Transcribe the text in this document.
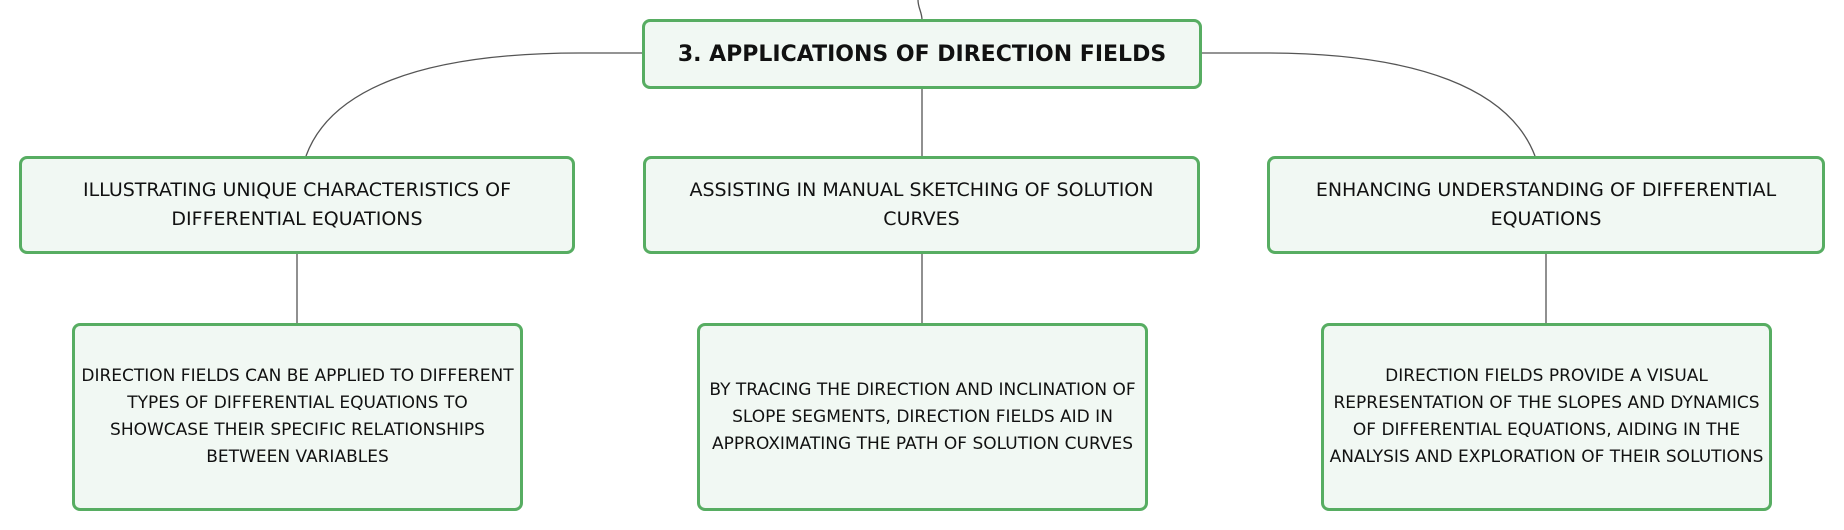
3. APPLICATIONS OF DIRECTION FIELDS
ILLUSTRATING UNIQUE CHARACTERISTICS OF DIFFERENTIAL EQUATIONS
ASSISTING IN MANUAL SKETCHING OF SOLUTION CURVES
ENHANCING UNDERSTANDING OF DIFFERENTIAL EQUATIONS
DIRECTION FIELDS CAN BE APPLIED TO DIFFERENT TYPES OF DIFFERENTIAL EQUATIONS TO SHOWCASE THEIR SPECIFIC RELATIONSHIPS BETWEEN VARIABLES
BY TRACING THE DIRECTION AND INCLINATION OF SLOPE SEGMENTS, DIRECTION FIELDS AID IN APPROXIMATING THE PATH OF SOLUTION CURVES
DIRECTION FIELDS PROVIDE A VISUAL REPRESENTATION OF THE SLOPES AND DYNAMICS OF DIFFERENTIAL EQUATIONS, AIDING IN THE ANALYSIS AND EXPLORATION OF THEIR SOLUTIONS
